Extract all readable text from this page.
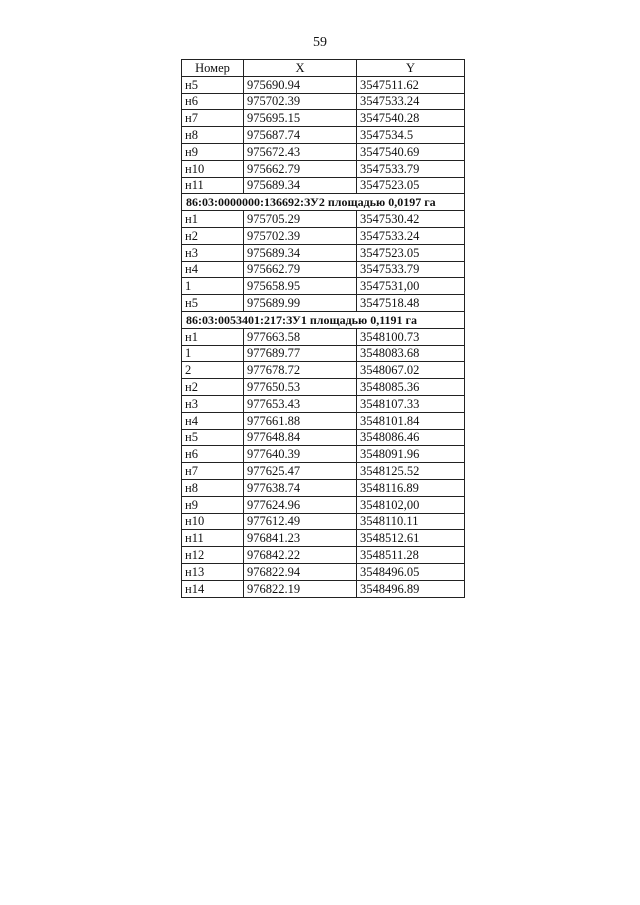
59
Номер	X	Y
н5	975690.94	3547511.62
н6	975702.39	3547533.24
н7	975695.15	3547540.28
н8	975687.74	3547534.5
н9	975672.43	3547540.69
н10	975662.79	3547533.79
н11	975689.34	3547523.05
86:03:0000000:136692:ЗУ2 площадью 0,0197 га		
н1	975705.29	3547530.42
н2	975702.39	3547533.24
н3	975689.34	3547523.05
н4	975662.79	3547533.79
1	975658.95	3547531,00
н5	975689.99	3547518.48
86:03:0053401:217:ЗУ1 площадью 0,1191 га		
н1	977663.58	3548100.73
1	977689.77	3548083.68
2	977678.72	3548067.02
н2	977650.53	3548085.36
н3	977653.43	3548107.33
н4	977661.88	3548101.84
н5	977648.84	3548086.46
н6	977640.39	3548091.96
н7	977625.47	3548125.52
н8	977638.74	3548116.89
н9	977624.96	3548102,00
н10	977612.49	3548110.11
н11	976841.23	3548512.61
н12	976842.22	3548511.28
н13	976822.94	3548496.05
н14	976822.19	3548496.89
